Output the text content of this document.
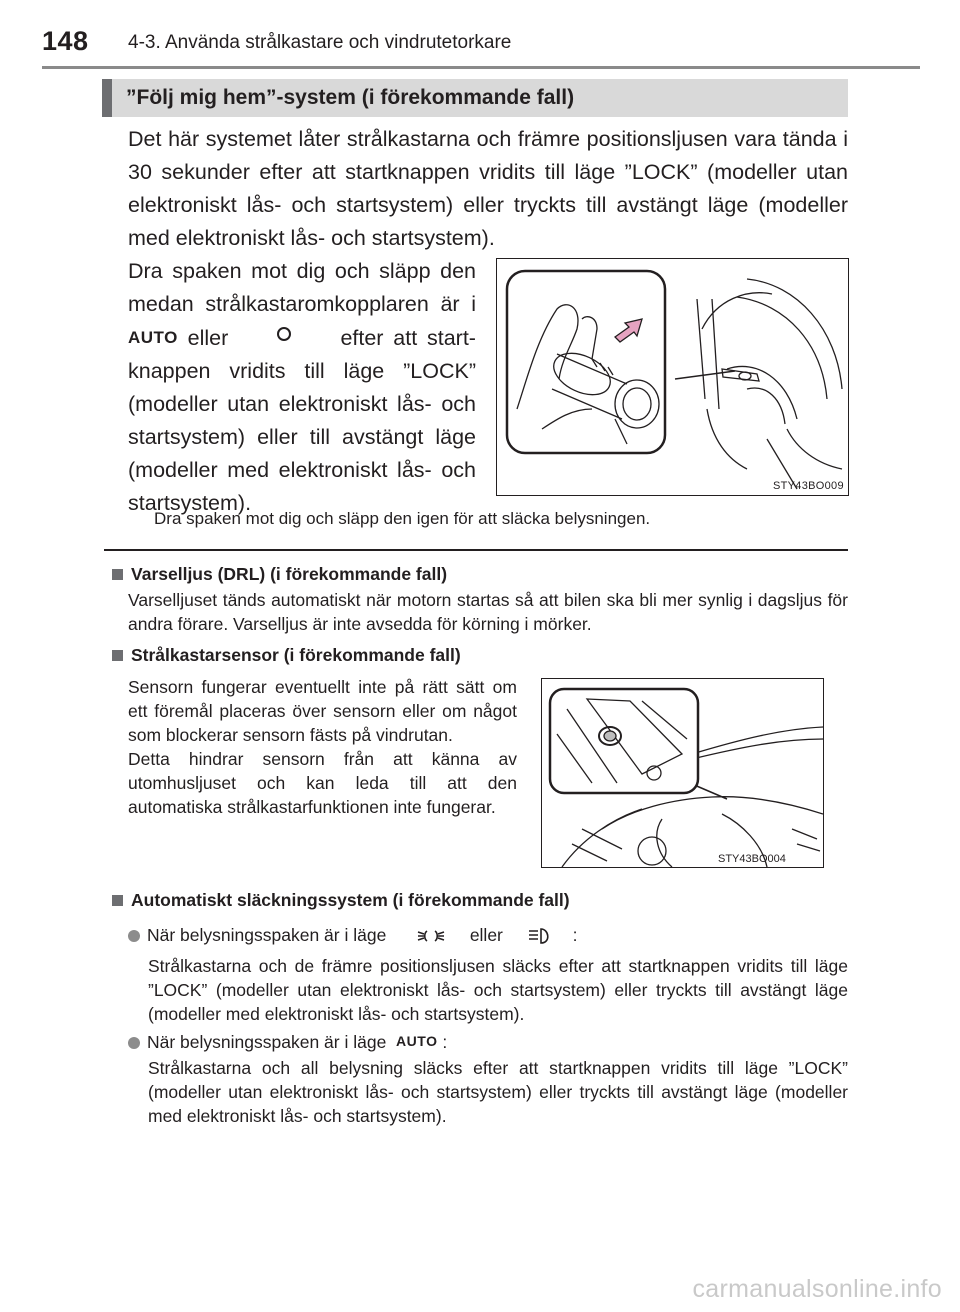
148 4-3. Använda strålkastare och vindrutetorkare
”Följ mig hem”-system (i förekommande fall)
Det här systemet låter strålkastarna och främre positionsljusen vara tända i 30 sekunder efter att startknappen vridits till läge ”LOCK” (modeller utan elektroniskt lås- och startsystem) eller tryckts till avstängt läge (modeller med elektroniskt lås- och startsystem).
Dra spaken mot dig och släpp den medan strålkastaromkopplaren är i AUTO eller	efter att start-knappen vridits till läge ”LOCK” (modeller utan elektroniskt lås- och startsystem) eller till avstängt läge (modeller med elektroniskt lås- och startsystem).
STY43BO009
Dra spaken mot dig och släpp den igen för att släcka belysningen.
Varselljus (DRL) (i förekommande fall)
Varselljuset tänds automatiskt när motorn startas så att bilen ska bli mer synlig i dagsljus för andra förare. Varselljus är inte avsedda för körning i mörker.
Strålkastarsensor (i förekommande fall)
Sensorn fungerar eventuellt inte på rätt sätt om ett föremål placeras över sensorn eller om något som blockerar sensorn fästs på vindrutan.
Detta hindrar sensorn från att känna av utomhusljuset och kan leda till att den automatiska strålkastarfunktionen inte fungerar.
STY43BO004
Automatiskt släckningssystem (i förekommande fall)
När belysningsspaken är i läge	eller	:
Strålkastarna och de främre positionsljusen släcks efter att startknappen vridits till läge ”LOCK” (modeller utan elektroniskt lås- och startsystem) eller tryckts till avstängt läge (modeller med elektroniskt lås- och startsystem).
När belysningsspaken är i läge AUTO :
Strålkastarna och all belysning släcks efter att startknappen vridits till läge ”LOCK” (modeller utan elektroniskt lås- och startsystem) eller tryckts till avstängt läge (modeller med elektroniskt lås- och startsystem).
carmanualsonline.info
